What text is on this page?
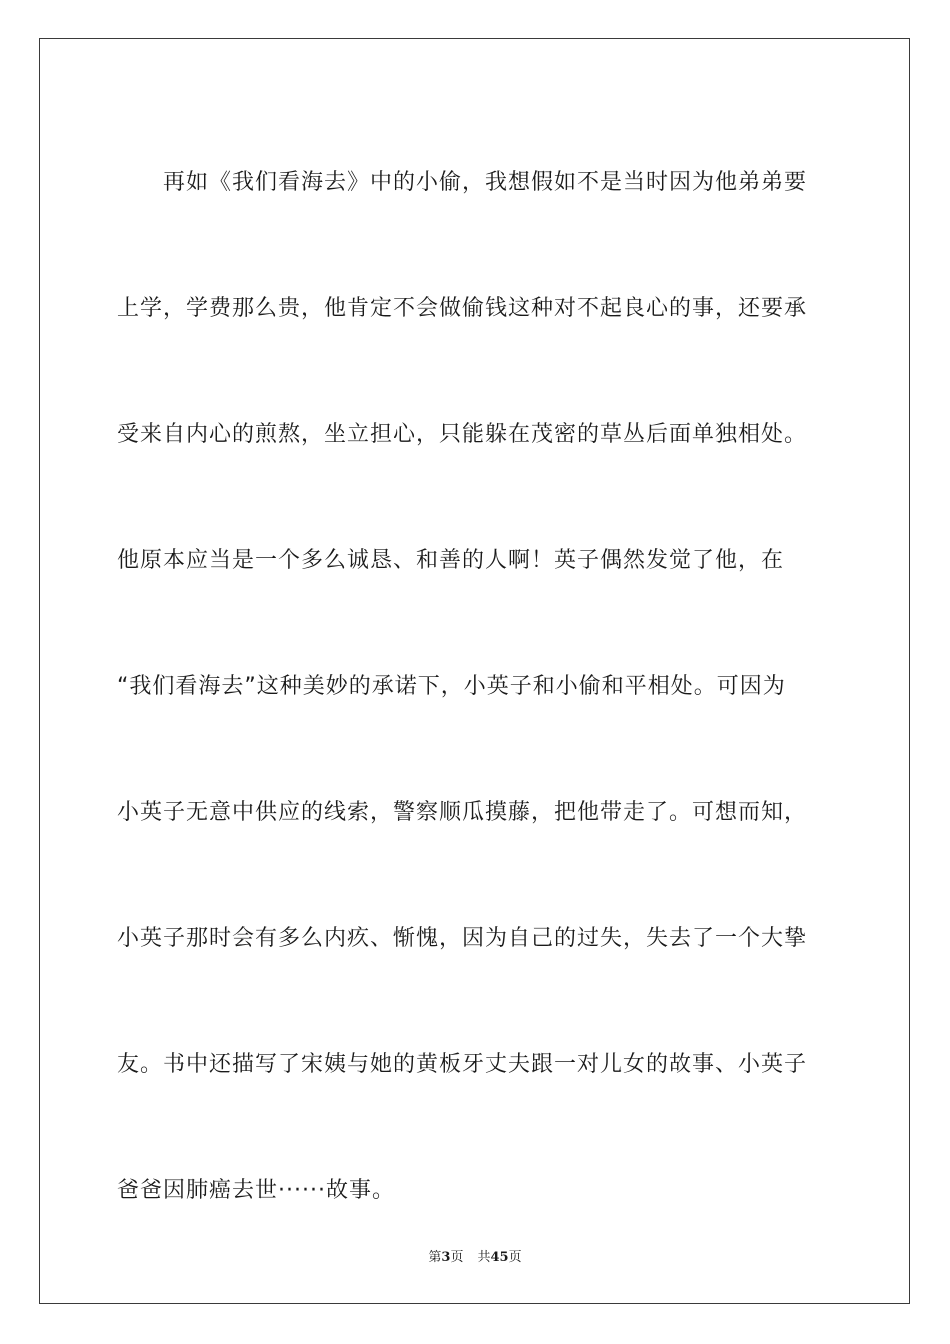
再如《我们看海去》中的小偷，我想假如不是当时因为他弟弟要
上学，学费那么贵，他肯定不会做偷钱这种对不起良心的事，还要承
受来自内心的煎熬，坐立担心，只能躲在茂密的草丛后面单独相处。
他原本应当是一个多么诚恳、和善的人啊！英子偶然发觉了他，在
“我们看海去”这种美妙的承诺下，小英子和小偷和平相处。可因为
小英子无意中供应的线索，警察顺瓜摸藤，把他带走了。可想而知，
小英子那时会有多么内疚、惭愧，因为自己的过失，失去了一个大挚
友。书中还描写了宋姨与她的黄板牙丈夫跟一对儿女的故事、小英子
爸爸因肺癌去世······故事。
第3页 共45页
